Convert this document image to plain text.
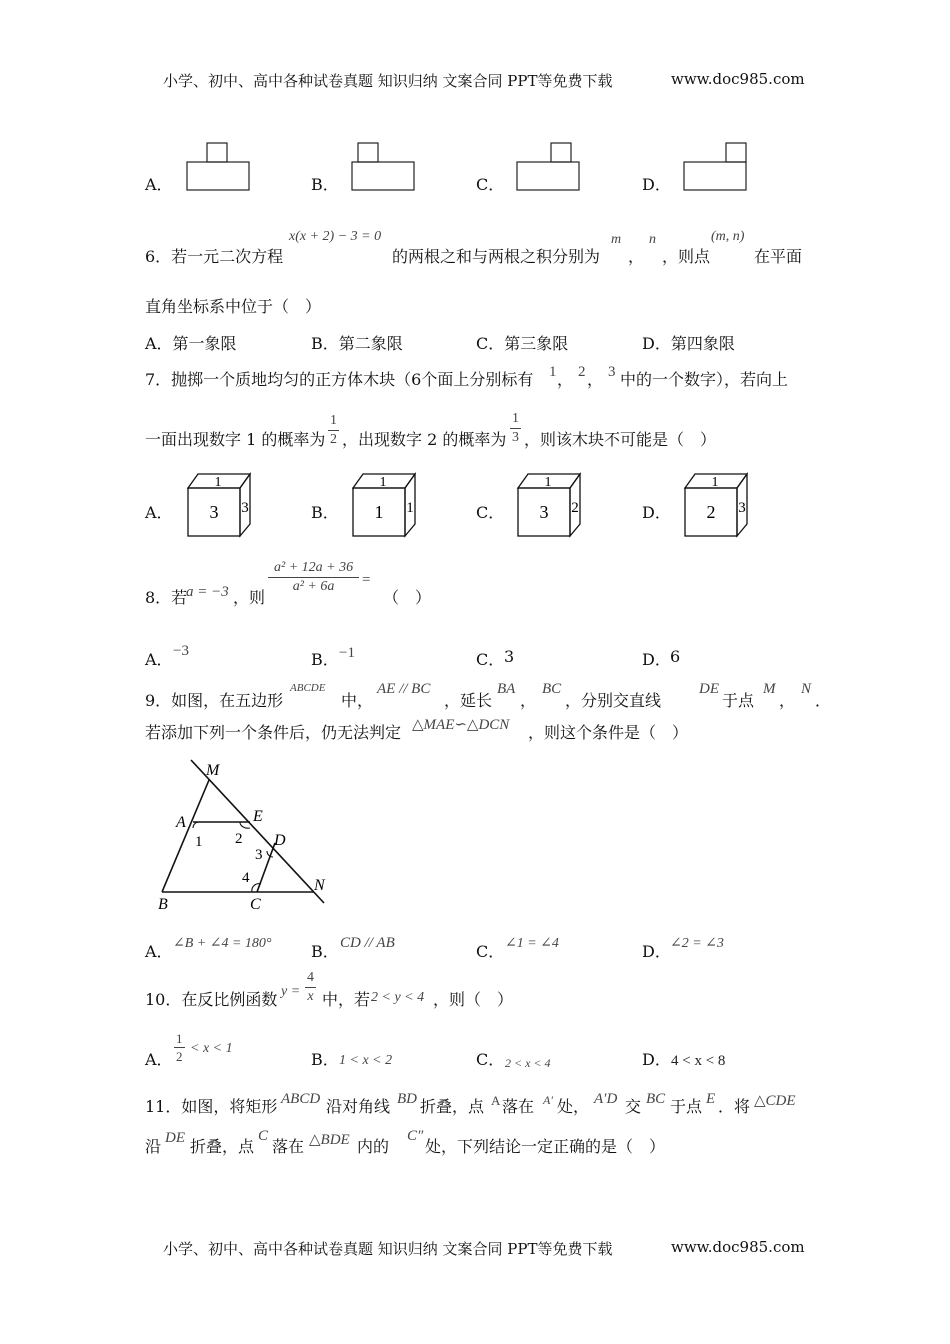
小学、初中、高中各种试卷真题 知识归纳 文案合同 PPT等免费下载	www.doc985.com
A．	B．	C．	D．
6．若一元二次方程
x(x + 2) − 3 = 0
的两根之和与两根之积分别为
m
，
n
，则点
(m, n)
在平面
直角坐标系中位于（　）
A．第一象限	B．第二象限	C．第三象限	D．第四象限
7．抛掷一个质地均匀的正方体木块（6个面上分别标有 1 ， 2 ， 3 中的一个数字），若向上
一面出现数字 1 的概率为 $\frac{1}{2}$ ，出现数字 2 的概率为 $\frac{1}{3}$ ，则该木块不可能是（　）
A．
1
3 3	B．
1
1 1	C．
1
3 2	D．
1
2 3
8．若
a = −3 ，则
$\frac{\text{a² + 12a + 36}}{\text{a² + 6a}}$ =
（　）
A． −3	B． −1	C． 3	D． 6
9．如图，在五边形
ABCDE
中，
AE // BC
，延长
BA
，
BC
，分别交直线
DE
于点
M
，
N
．
若添加下列一个条件后，仍无法判定 △MAE∽△DCN ，则这个条件是（　）
M
A	E
D
B	C
N
1 2
3
4
A． ∠B + ∠4 = 180° B． CD // AB	C． ∠1 = ∠4	D． ∠2 = ∠3
10．在反比例函数 $y = \frac{4}{x}$ 中，若 2 < y < 4 ，则（　）
A． $\frac{1}{2} < x < 1$
B． 1 < x < 2	C． 2 < x < 4	D． 4 < x < 8
11．如图，将矩形 ABCD 沿对角线 BD 折叠，点 A 落在 A′ 处， A′D 交 BC 于点 E ．将 △CDE
沿 DE 折叠，点
C
落在 △BDE 内的
C″
处，下列结论一定正确的是（　）
小学、初中、高中各种试卷真题 知识归纳 文案合同 PPT等免费下载	www.doc985.com
